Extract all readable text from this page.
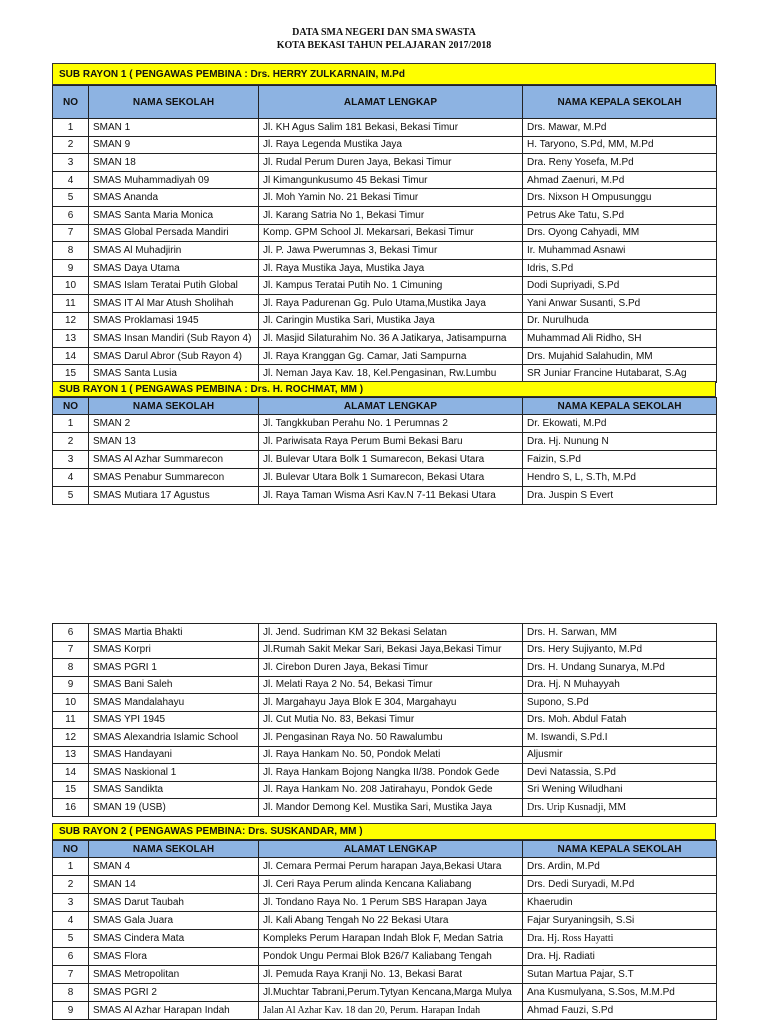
DATA SMA NEGERI DAN SMA SWASTA
KOTA BEKASI TAHUN PELAJARAN 2017/2018
SUB RAYON 1 ( PENGAWAS PEMBINA : Drs. HERRY ZULKARNAIN, M.Pd
NO	NAMA SEKOLAH	ALAMAT LENGKAP	NAMA KEPALA SEKOLAH
1	SMAN 1	Jl. KH Agus Salim 181 Bekasi, Bekasi Timur	Drs. Mawar, M.Pd
2	SMAN 9	Jl. Raya Legenda Mustika Jaya	H. Taryono, S.Pd, MM, M.Pd
3	SMAN 18	Jl. Rudal Perum Duren Jaya, Bekasi Timur	Dra. Reny Yosefa, M.Pd
4	SMAS Muhammadiyah 09	Jl Kimangunkusumo 45 Bekasi Timur	Ahmad Zaenuri, M.Pd
5	SMAS Ananda	Jl. Moh Yamin No. 21 Bekasi Timur	Drs. Nixson H Ompusunggu
6	SMAS Santa Maria Monica	Jl. Karang Satria No 1, Bekasi Timur	Petrus Ake Tatu, S.Pd
7	SMAS Global Persada Mandiri	Komp. GPM School Jl. Mekarsari, Bekasi Timur	Drs. Oyong Cahyadi, MM
8	SMAS Al Muhadjirin	Jl. P. Jawa Pwerumnas 3, Bekasi Timur	Ir. Muhammad Asnawi
9	SMAS Daya Utama	Jl. Raya Mustika Jaya, Mustika Jaya	Idris, S.Pd
10	SMAS Islam Teratai Putih Global	Jl. Kampus Teratai Putih No. 1 Cimuning	Dodi Supriyadi, S.Pd
11	SMAS IT Al Mar Atush Sholihah	Jl. Raya Padurenan Gg. Pulo Utama,Mustika Jaya	Yani Anwar Susanti, S.Pd
12	SMAS Proklamasi 1945	Jl. Caringin Mustika Sari, Mustika Jaya	Dr. Nurulhuda
13	SMAS Insan Mandiri (Sub Rayon 4)	Jl. Masjid Silaturahim No. 36 A Jatikarya, Jatisampurna	Muhammad Ali Ridho, SH
14	SMAS Darul Abror (Sub Rayon 4)	Jl. Raya Kranggan Gg. Camar, Jati Sampurna	Drs. Mujahid Salahudin, MM
15	SMAS Santa Lusia	Jl. Neman Jaya Kav. 18, Kel.Pengasinan, Rw.Lumbu	SR Juniar Francine Hutabarat, S.Ag
SUB RAYON 1 ( PENGAWAS PEMBINA : Drs. H. ROCHMAT, MM )
NO	NAMA SEKOLAH	ALAMAT LENGKAP	NAMA KEPALA SEKOLAH
1	SMAN 2	Jl. Tangkkuban Perahu No. 1 Perumnas 2	Dr. Ekowati, M.Pd
2	SMAN 13	Jl. Pariwisata Raya Perum Bumi Bekasi Baru	Dra. Hj. Nunung N
3	SMAS Al Azhar Summarecon	Jl. Bulevar Utara Bolk 1 Sumarecon, Bekasi Utara	Faizin, S.Pd
4	SMAS Penabur Summarecon	Jl. Bulevar Utara Bolk 1 Sumarecon, Bekasi Utara	Hendro S, L, S.Th, M.Pd
5	SMAS Mutiara 17 Agustus	Jl. Raya Taman Wisma Asri Kav.N 7-11 Bekasi Utara	Dra. Juspin S Evert
6	SMAS Martia Bhakti	Jl. Jend. Sudriman KM 32 Bekasi Selatan	Drs. H. Sarwan, MM
7	SMAS Korpri	Jl.Rumah Sakit Mekar Sari, Bekasi Jaya,Bekasi Timur	Drs. Hery Sujiyanto, M.Pd
8	SMAS PGRI 1	Jl. Cirebon Duren Jaya, Bekasi Timur	Drs. H. Undang Sunarya, M.Pd
9	SMAS Bani Saleh	Jl. Melati Raya 2 No. 54, Bekasi Timur	Dra. Hj. N Muhayyah
10	SMAS Mandalahayu	Jl. Margahayu Jaya Blok E 304, Margahayu	Supono, S.Pd
11	SMAS YPI 1945	Jl. Cut Mutia No. 83, Bekasi Timur	Drs. Moh. Abdul Fatah
12	SMAS Alexandria Islamic School	Jl. Pengasinan Raya No. 50 Rawalumbu	M. Iswandi, S.Pd.I
13	SMAS Handayani	Jl. Raya Hankam No. 50, Pondok Melati	Aljusmir
14	SMAS Naskional 1	Jl. Raya Hankam Bojong Nangka II/38. Pondok Gede	Devi Natassia, S.Pd
15	SMAS Sandikta	Jl. Raya Hankam No. 208 Jatirahayu, Pondok Gede	Sri Wening Wiludhani
16	SMAN 19 (USB)	Jl. Mandor Demong Kel. Mustika Sari, Mustika Jaya	Drs. Urip Kusnadji, MM
SUB RAYON 2 ( PENGAWAS PEMBINA: Drs. SUSKANDAR, MM )
NO	NAMA SEKOLAH	ALAMAT LENGKAP	NAMA KEPALA SEKOLAH
1	SMAN 4	Jl. Cemara Permai Perum harapan Jaya,Bekasi Utara	Drs. Ardin, M.Pd
2	SMAN 14	Jl. Ceri Raya Perum alinda Kencana Kaliabang	Drs. Dedi Suryadi, M.Pd
3	SMAS Darut Taubah	Jl. Tondano Raya No. 1 Perum SBS Harapan Jaya	Khaerudin
4	SMAS Gala Juara	Jl. Kali Abang Tengah No 22 Bekasi Utara	Fajar Suryaningsih, S.Si
5	SMAS Cindera Mata	Kompleks Perum Harapan Indah Blok F, Medan Satria	Dra. Hj. Ross Hayatti
6	SMAS Flora	Pondok Ungu Permai Blok B26/7 Kaliabang Tengah	Dra. Hj. Radiati
7	SMAS Metropolitan	Jl. Pemuda Raya Kranji No. 13, Bekasi Barat	Sutan Martua Pajar, S.T
8	SMAS PGRI 2	Jl.Muchtar Tabrani,Perum.Tytyan Kencana,Marga Mulya	Ana Kusmulyana, S.Sos, M.M.Pd
9	SMAS Al Azhar Harapan Indah	Jalan Al Azhar Kav. 18 dan 20, Perum. Harapan Indah	Ahmad Fauzi, S.Pd
